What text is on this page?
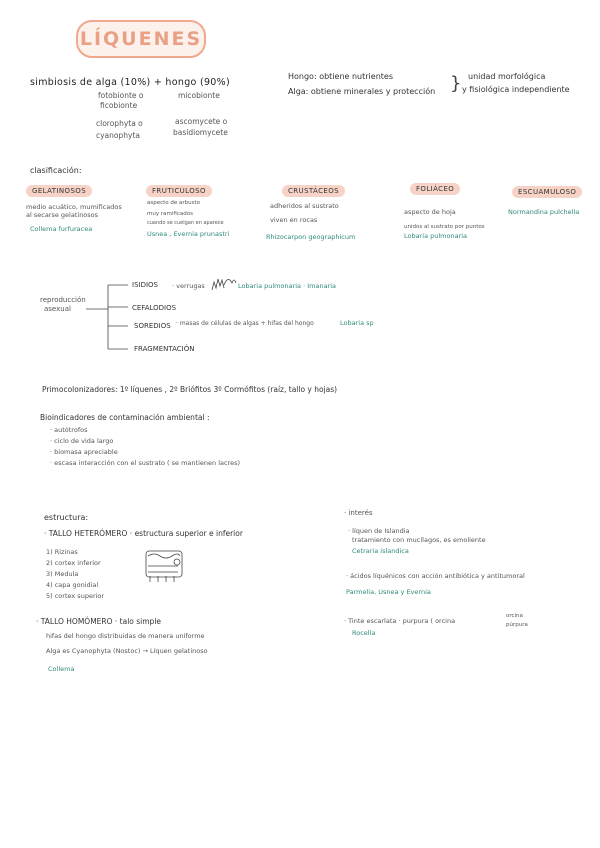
LÍQUENES
simbiosis de alga (10%) + hongo (90%)
fotobionte o
ficobionte
micobionte
clorophyta o
cyanophyta
ascomycete o
basidiomycete
Hongo: obtiene nutrientes
Alga: obtiene minerales y protección } unidad morfológica
y fisiológica independiente
clasificación:
GELATINOSOS
medio acuático, mumificados
al secarse gelatinosos
Collema furfuracea
FRUTICULOSO
aspecto de arbusto
muy ramificados
cuando se cuelgan en aparece
Usnea , Evernia prunastri
CRUSTÁCEOS
adheridos al sustrato
viven en rocas
Rhizocarpon geographicum
FOLIÁCEO
aspecto de hoja
unidos al sustrato por puntos
Lobaria pulmonaria
ESCUAMULOSO
Normandina pulchella
reproducción
asexual
ISIDIOS · verrugas	Lobaria pulmonaria · Imanaria
CEFALODIOS
SOREDIOS · masas de células de algas + hifas del hongo	Lobaria sp
FRAGMENTACIÓN
Primocolonizadores: 1º líquenes , 2º Briófitos 3º Cormófitos (raíz, tallo y hojas)
Bioindicadores de contaminación ambiental :
· autótrofos
· ciclo de vida largo
· biomasa apreciable
· escasa interacción con el sustrato ( se mantienen lacres)
estructura:
· TALLO HETERÓMERO · estructura superior e inferior
1) Rizinas
2) cortex inferior
3) Medula
4) capa gonidial
5) cortex superior
· TALLO HOMÓMERO · talo simple
hifas del hongo distribuidas de manera uniforme
Alga es Cyanophyta (Nostoc) → Líquen gelatinoso
Collema
· interés
· líquen de Islandia
tratamiento con mucílagos, es emoliente
Cetraria islandica
· ácidos líquénicos con acción antibiótica y antitumoral
Parmelia, Usnea y Evernia
· Tinte escarlata · purpura ( orcina
Rocella
orcina
púrpura
